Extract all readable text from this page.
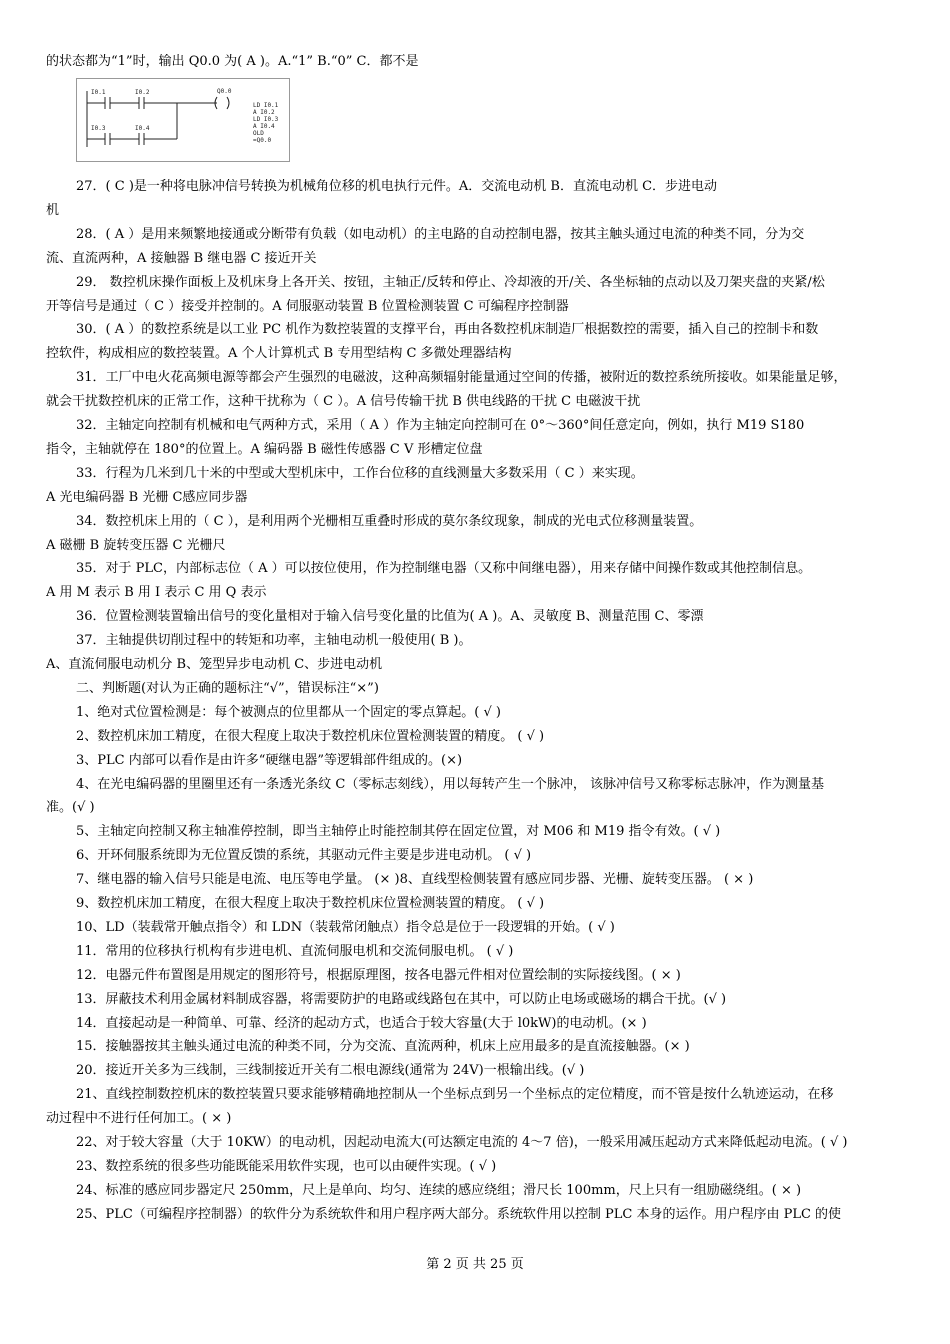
的状态都为“1”时，输出 Q0.0 为( A )。A.“1” B.“0” C．都不是
I0.1	I0.2
I0.3	I0.4
Q0.0
LD I0.1
A I0.2
LD I0.3
A I0.4
OLD
=Q0.0
27．( C )是一种将电脉冲信号转换为机械角位移的机电执行元件。A．交流电动机 B．直流电动机 C．步进电动
机
28．( A ）是用来频繁地接通或分断带有负载（如电动机）的主电路的自动控制电器，按其主触头通过电流的种类不同，分为交
流、直流两种，A 接触器 B 继电器 C 接近开关
29． 数控机床操作面板上及机床身上各开关、按钮，主轴正/反转和停止、冷却液的开/关、各坐标轴的点动以及刀架夹盘的夹紧/松
开等信号是通过（ C ）接受并控制的。A 伺服驱动装置 B 位置检测装置 C 可编程序控制器
30．( A ）的数控系统是以工业 PC 机作为数控装置的支撑平台，再由各数控机床制造厂根据数控的需要，插入自己的控制卡和数
控软件，构成相应的数控装置。A 个人计算机式 B 专用型结构 C 多微处理器结构
31．工厂中电火花高频电源等都会产生强烈的电磁波，这种高频辐射能量通过空间的传播，被附近的数控系统所接收。如果能量足够，
就会干扰数控机床的正常工作，这种干扰称为（ C ）。A 信号传输干扰 B 供电线路的干扰 C 电磁波干扰
32．主轴定向控制有机械和电气两种方式，采用（ A ）作为主轴定向控制可在 0°～360°间任意定向，例如，执行 M19 S180
指令，主轴就停在 180°的位置上。A 编码器 B 磁性传感器 C V 形槽定位盘
33．行程为几米到几十米的中型或大型机床中，工作台位移的直线测量大多数采用（ C ）来实现。
A 光电编码器 B 光栅 C感应同步器
34．数控机床上用的（ C ），是利用两个光栅相互重叠时形成的莫尔条纹现象，制成的光电式位移测量装置。
A 磁栅 B 旋转变压器 C 光栅尺
35．对于 PLC，内部标志位（ A ）可以按位使用，作为控制继电器（又称中间继电器），用来存储中间操作数或其他控制信息。
A 用 M 表示 B 用 I 表示 C 用 Q 表示
36．位置检测装置输出信号的变化量相对于输入信号变化量的比值为( A )。A、灵敏度 B、测量范围 C、零漂
37．主轴提供切削过程中的转矩和功率，主轴电动机一般使用( B )。
A、直流伺服电动机分 B、笼型异步电动机 C、步进电动机
二、判断题(对认为正确的题标注“√”，错误标注“×”)
1、绝对式位置检测是：每个被测点的位里都从一个固定的零点算起。( √ )
2、数控机床加工精度，在很大程度上取决于数控机床位置检测装置的精度。 ( √ )
3、PLC 内部可以看作是由许多“硬继电器”等逻辑部件组成的。(×)
4、在光电编码器的里圈里还有一条透光条纹 C（零标志刻线），用以每转产生一个脉冲， 该脉冲信号又称零标志脉冲，作为测量基
准。(√ )
5、主轴定向控制又称主轴准停控制，即当主轴停止时能控制其停在固定位置，对 M06 和 M19 指令有效。( √ )
6、开环伺服系统即为无位置反馈的系统，其驱动元件主要是步进电动机。 ( √ )
7、继电器的输入信号只能是电流、电压等电学量。 (× )8、直线型检侧装置有感应同步器、光栅、旋转变压器。 ( × )
9、数控机床加工精度，在很大程度上取决于数控机床位置检测装置的精度。 ( √ )
10、LD（装载常开触点指令）和 LDN（装载常闭触点）指令总是位于一段逻辑的开始。( √ )
11．常用的位移执行机构有步进电机、直流伺服电机和交流伺服电机。 ( √ )
12．电器元件布置图是用规定的图形符号，根据原理图，按各电器元件相对位置绘制的实际接线图。( × )
13．屏蔽技术利用金属材料制成容器，将需要防护的电路或线路包在其中，可以防止电场或磁场的耦合干扰。(√ )
14．直接起动是一种简单、可靠、经济的起动方式，也适合于较大容量(大于 l0kW)的电动机。(× )
15．接触器按其主触头通过电流的种类不同，分为交流、直流两种，机床上应用最多的是直流接触器。(× )
20．接近开关多为三线制，三线制接近开关有二根电源线(通常为 24V)一根输出线。(√ )
21、直线控制数控机床的数控装置只要求能够精确地控制从一个坐标点到另一个坐标点的定位精度，而不管是按什么轨迹运动，在移
动过程中不进行任何加工。( × )
22、对于较大容量（大于 10KW）的电动机，因起动电流大(可达额定电流的 4～7 倍)，一般采用减压起动方式来降低起动电流。( √ )
23、数控系统的很多些功能既能采用软件实现，也可以由硬件实现。( √ )
24、标准的感应同步器定尺 250mm，尺上是单向、均匀、连续的感应绕组；滑尺长 100mm，尺上只有一组励磁绕组。( × )
25、PLC（可编程序控制器）的软件分为系统软件和用户程序两大部分。系统软件用以控制 PLC 本身的运作。用户程序由 PLC 的使
第 2 页 共 25 页
